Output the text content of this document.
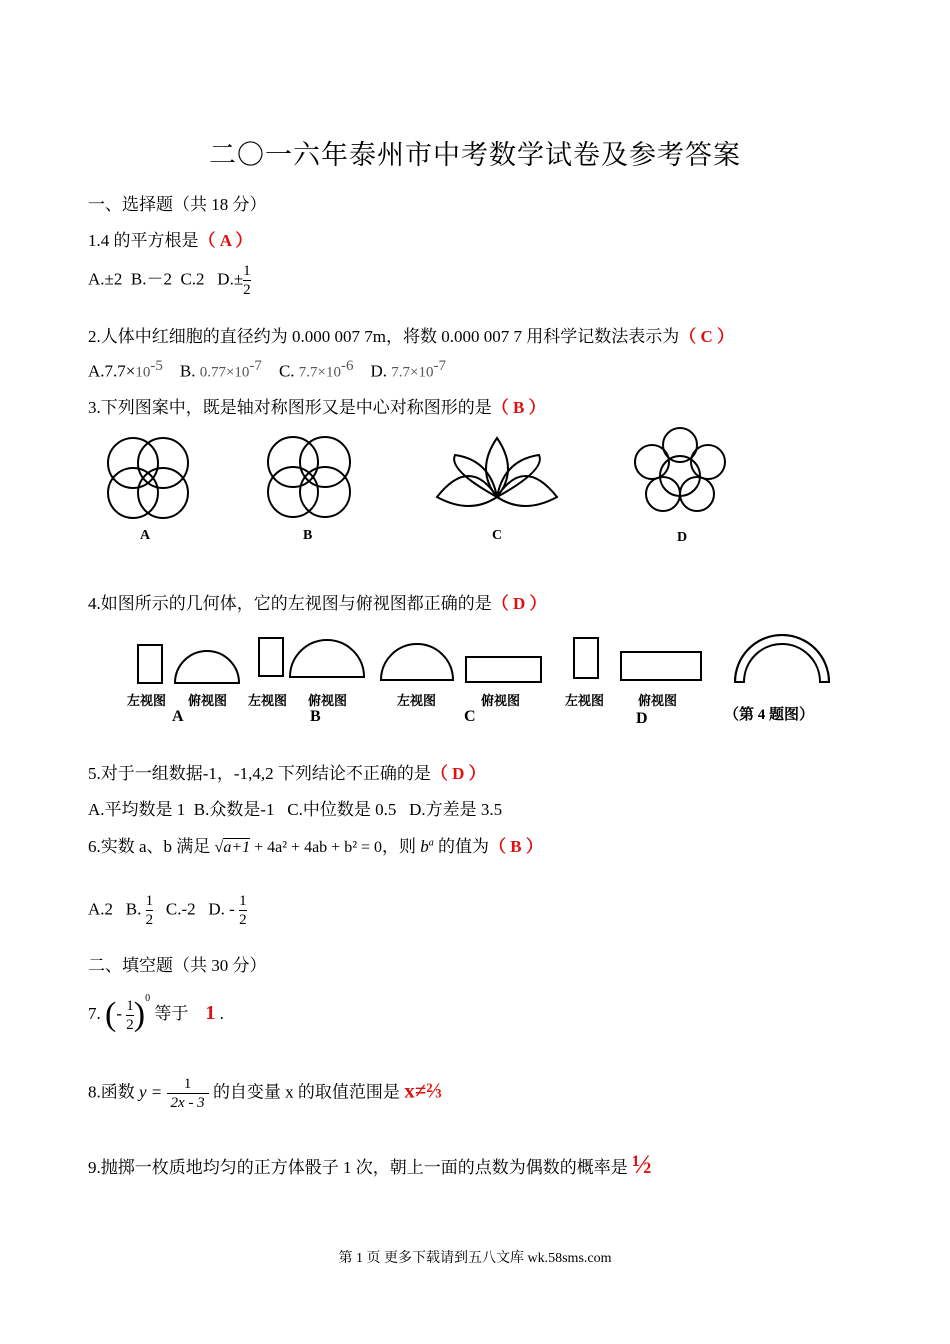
二〇一六年泰州市中考数学试卷及参考答案
一、选择题（共 18 分）
1.4 的平方根是（ A ）
A.±2 B.－2 C.2 $D.\pm \frac{1}{2}$
2.人体中红细胞的直径约为 0.000 007 7m，将数 0.000 007 7 用科学记数法表示为（ C ）
$A.7.7\times 10^{-5}$ B. $0.77\times 10^{-7}$ C. $7.7\times 10^{-6}$ D. $7.7\times 10^{-7}$
3.下列图案中，既是轴对称图形又是中心对称图形的是（ B ）
A	B	C	D
4.如图所示的几何体，它的左视图与俯视图都正确的是（ D ）
左视图 俯视图 左视图 俯视图	左视图	俯视图	左视图	俯视图
A	B	C	D	（第 4 题图）
5.对于一组数据-1，-1,4,2 下列结论不正确的是（ D ）
A.平均数是 1  B.众数是-1   C.中位数是 0.5   D.方差是 3.5
6.实数 a、b 满足 √a+1 + 4a² + 4ab + b² = 0，则 $b^a$ 的值为（ B ）
A.2 B. $\frac{1}{2} C.-2$ D. - $\frac{1}{2}$
二、填空题（共 30 分）
7. (- $\frac{1}{2} )^0$ 等于 1 .
8.函数 $y = \frac{1}{2x - 3}$ 的自变量 x 的取值范围是 x≠⅔
9.抛掷一枚质地均匀的正方体骰子 1 次，朝上一面的点数为偶数的概率是 ½
第 1 页 更多下载请到五八文库 wk.58sms.com
